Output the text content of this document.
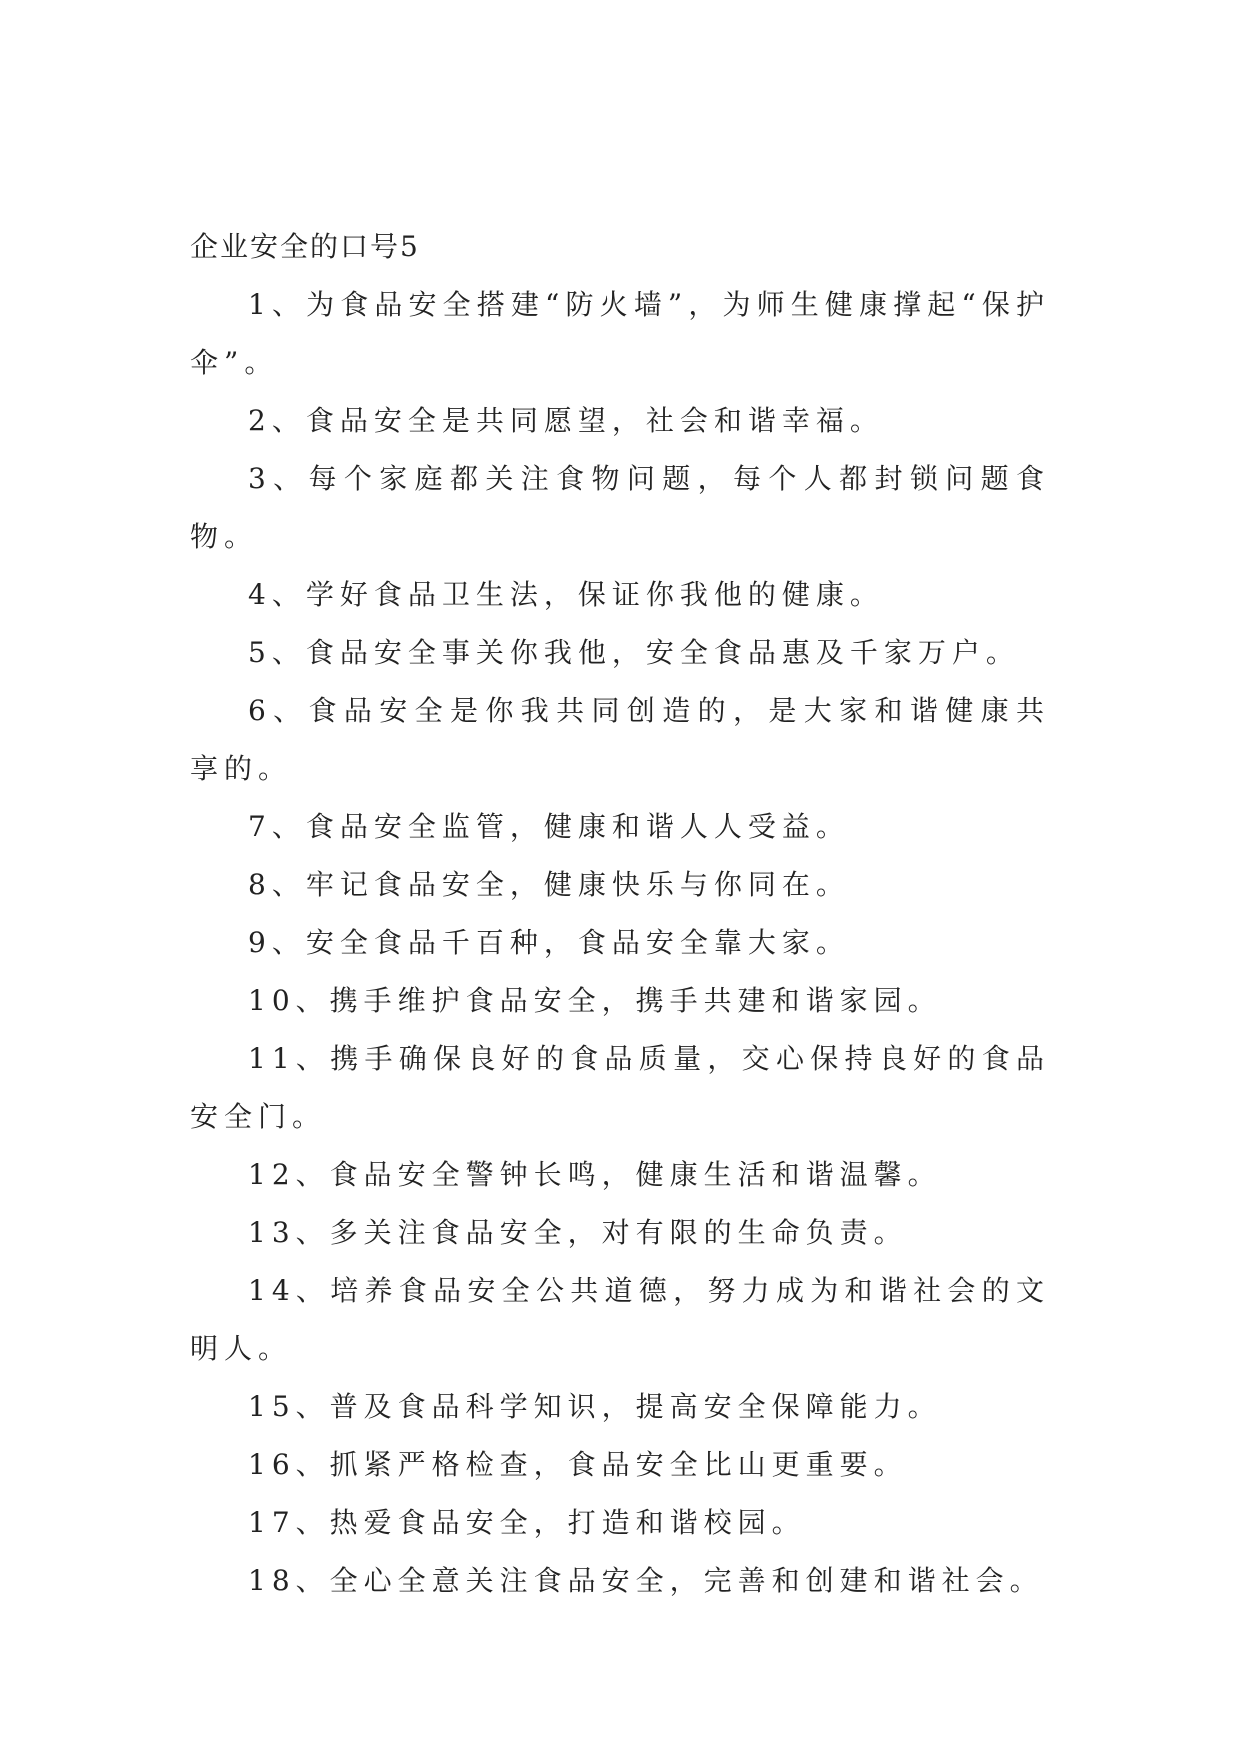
企业安全的口号5

1、为食品安全搭建“防火墙”，为师生健康撑起“保护伞”。

2、食品安全是共同愿望，社会和谐幸福。

3、每个家庭都关注食物问题，每个人都封锁问题食物。

4、学好食品卫生法，保证你我他的健康。

5、食品安全事关你我他，安全食品惠及千家万户。

6、食品安全是你我共同创造的，是大家和谐健康共享的。

7、食品安全监管，健康和谐人人受益。

8、牢记食品安全，健康快乐与你同在。

9、安全食品千百种，食品安全靠大家。

10、携手维护食品安全，携手共建和谐家园。

11、携手确保良好的食品质量，交心保持良好的食品安全门。

12、食品安全警钟长鸣，健康生活和谐温馨。

13、多关注食品安全，对有限的生命负责。

14、培养食品安全公共道德，努力成为和谐社会的文明人。

15、普及食品科学知识，提高安全保障能力。

16、抓紧严格检查，食品安全比山更重要。

17、热爱食品安全，打造和谐校园。

18、全心全意关注食品安全，完善和创建和谐社会。
